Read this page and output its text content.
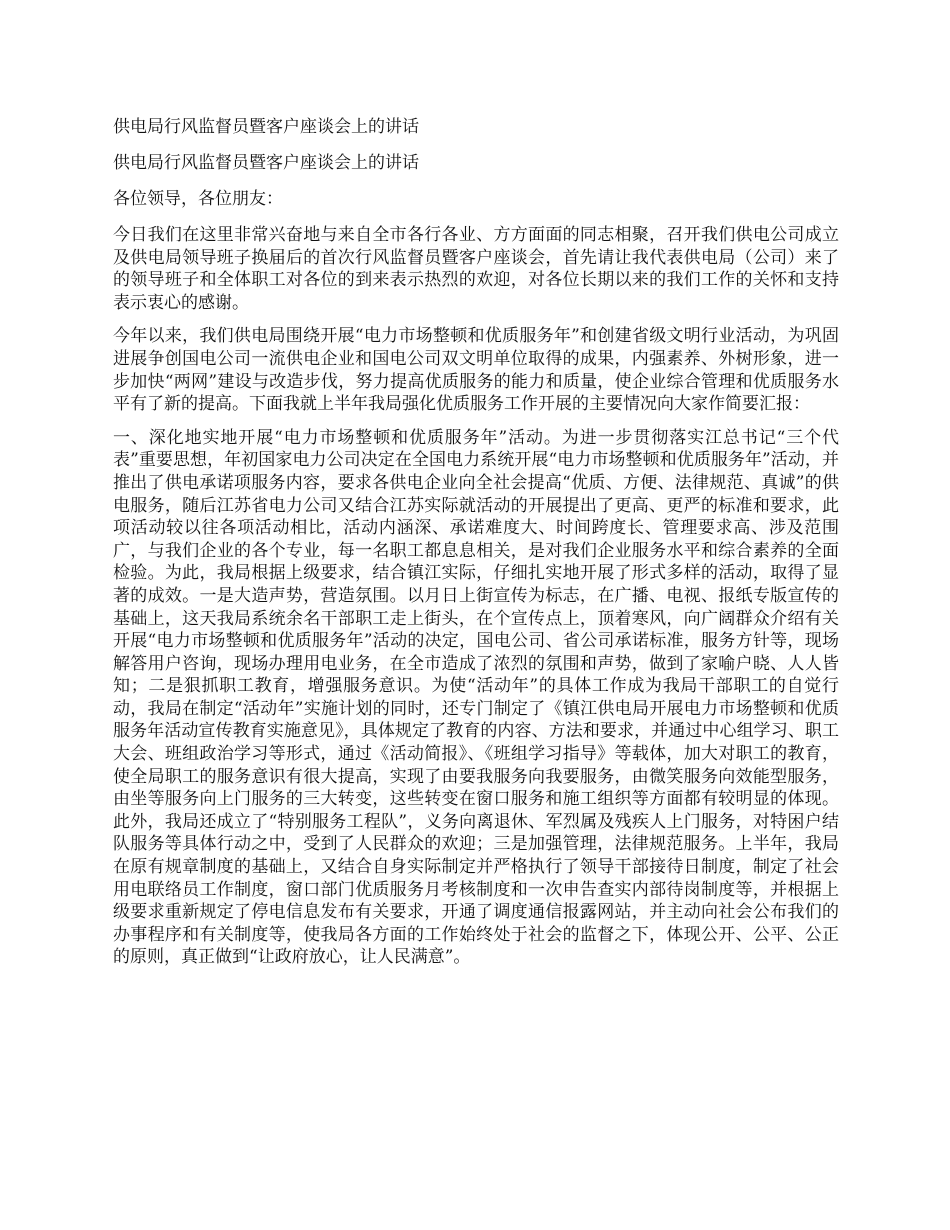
供电局行风监督员暨客户座谈会上的讲话
供电局行风监督员暨客户座谈会上的讲话
各位领导，各位朋友：
今日我们在这里非常兴奋地与来自全市各行各业、方方面面的同志相聚，召开我们供电公司成立及供电局领导班子换届后的首次行风监督员暨客户座谈会，首先请让我代表供电局（公司）来了的领导班子和全体职工对各位的到来表示热烈的欢迎，对各位长期以来的我们工作的关怀和支持表示衷心的感谢。
今年以来，我们供电局围绕开展“电力市场整顿和优质服务年”和创建省级文明行业活动，为巩固进展争创国电公司一流供电企业和国电公司双文明单位取得的成果，内强素养、外树形象，进一步加快“两网”建设与改造步伐，努力提高优质服务的能力和质量，使企业综合管理和优质服务水平有了新的提高。下面我就上半年我局强化优质服务工作开展的主要情况向大家作简要汇报：
一、深化地实地开展“电力市场整顿和优质服务年”活动。为进一步贯彻落实江总书记“三个代表”重要思想，年初国家电力公司决定在全国电力系统开展“电力市场整顿和优质服务年”活动，并推出了供电承诺项服务内容，要求各供电企业向全社会提高“优质、方便、法律规范、真诚”的供电服务，随后江苏省电力公司又结合江苏实际就活动的开展提出了更高、更严的标准和要求，此项活动较以往各项活动相比，活动内涵深、承诺难度大、时间跨度长、管理要求高、涉及范围广，与我们企业的各个专业，每一名职工都息息相关，是对我们企业服务水平和综合素养的全面检验。为此，我局根据上级要求，结合镇江实际，仔细扎实地开展了形式多样的活动，取得了显著的成效。一是大造声势，营造氛围。以月日上街宣传为标志，在广播、电视、报纸专版宣传的基础上，这天我局系统余名干部职工走上街头，在个宣传点上，顶着寒风，向广阔群众介绍有关开展“电力市场整顿和优质服务年”活动的决定，国电公司、省公司承诺标准，服务方针等，现场解答用户咨询，现场办理用电业务，在全市造成了浓烈的氛围和声势，做到了家喻户晓、人人皆知；二是狠抓职工教育，增强服务意识。为使“活动年”的具体工作成为我局干部职工的自觉行动，我局在制定“活动年”实施计划的同时，还专门制定了《镇江供电局开展电力市场整顿和优质服务年活动宣传教育实施意见》，具体规定了教育的内容、方法和要求，并通过中心组学习、职工大会、班组政治学习等形式，通过《活动简报》、《班组学习指导》等载体，加大对职工的教育，使全局职工的服务意识有很大提高，实现了由要我服务向我要服务，由微笑服务向效能型服务，由坐等服务向上门服务的三大转变，这些转变在窗口服务和施工组织等方面都有较明显的体现。此外，我局还成立了“特别服务工程队”，义务向离退休、军烈属及残疾人上门服务，对特困户结队服务等具体行动之中，受到了人民群众的欢迎；三是加强管理，法律规范服务。上半年，我局在原有规章制度的基础上，又结合自身实际制定并严格执行了领导干部接待日制度，制定了社会用电联络员工作制度，窗口部门优质服务月考核制度和一次申告查实内部待岗制度等，并根据上级要求重新规定了停电信息发布有关要求，开通了调度通信报露网站，并主动向社会公布我们的办事程序和有关制度等，使我局各方面的工作始终处于社会的监督之下，体现公开、公平、公正的原则，真正做到“让政府放心，让人民满意”。
